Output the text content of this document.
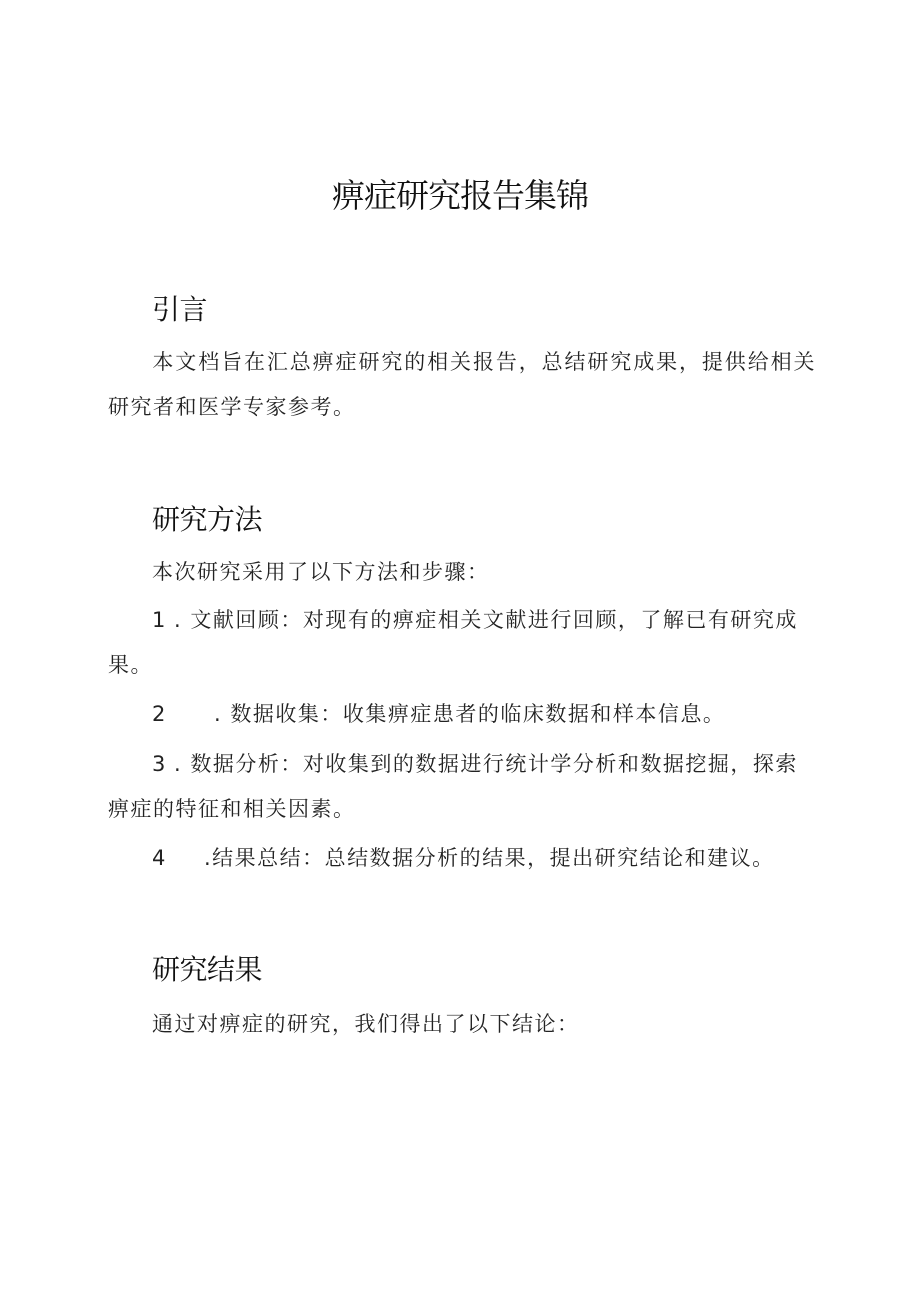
痹症研究报告集锦
引言
本文档旨在汇总痹症研究的相关报告，总结研究成果，提供给相关研究者和医学专家参考。
研究方法
本次研究采用了以下方法和步骤：
1 . 文献回顾：对现有的痹症相关文献进行回顾，了解已有研究成果。
2 . 数据收集：收集痹症患者的临床数据和样本信息。
3 . 数据分析：对收集到的数据进行统计学分析和数据挖掘，探索痹症的特征和相关因素。
4 .结果总结：总结数据分析的结果，提出研究结论和建议。
研究结果
通过对痹症的研究，我们得出了以下结论：
